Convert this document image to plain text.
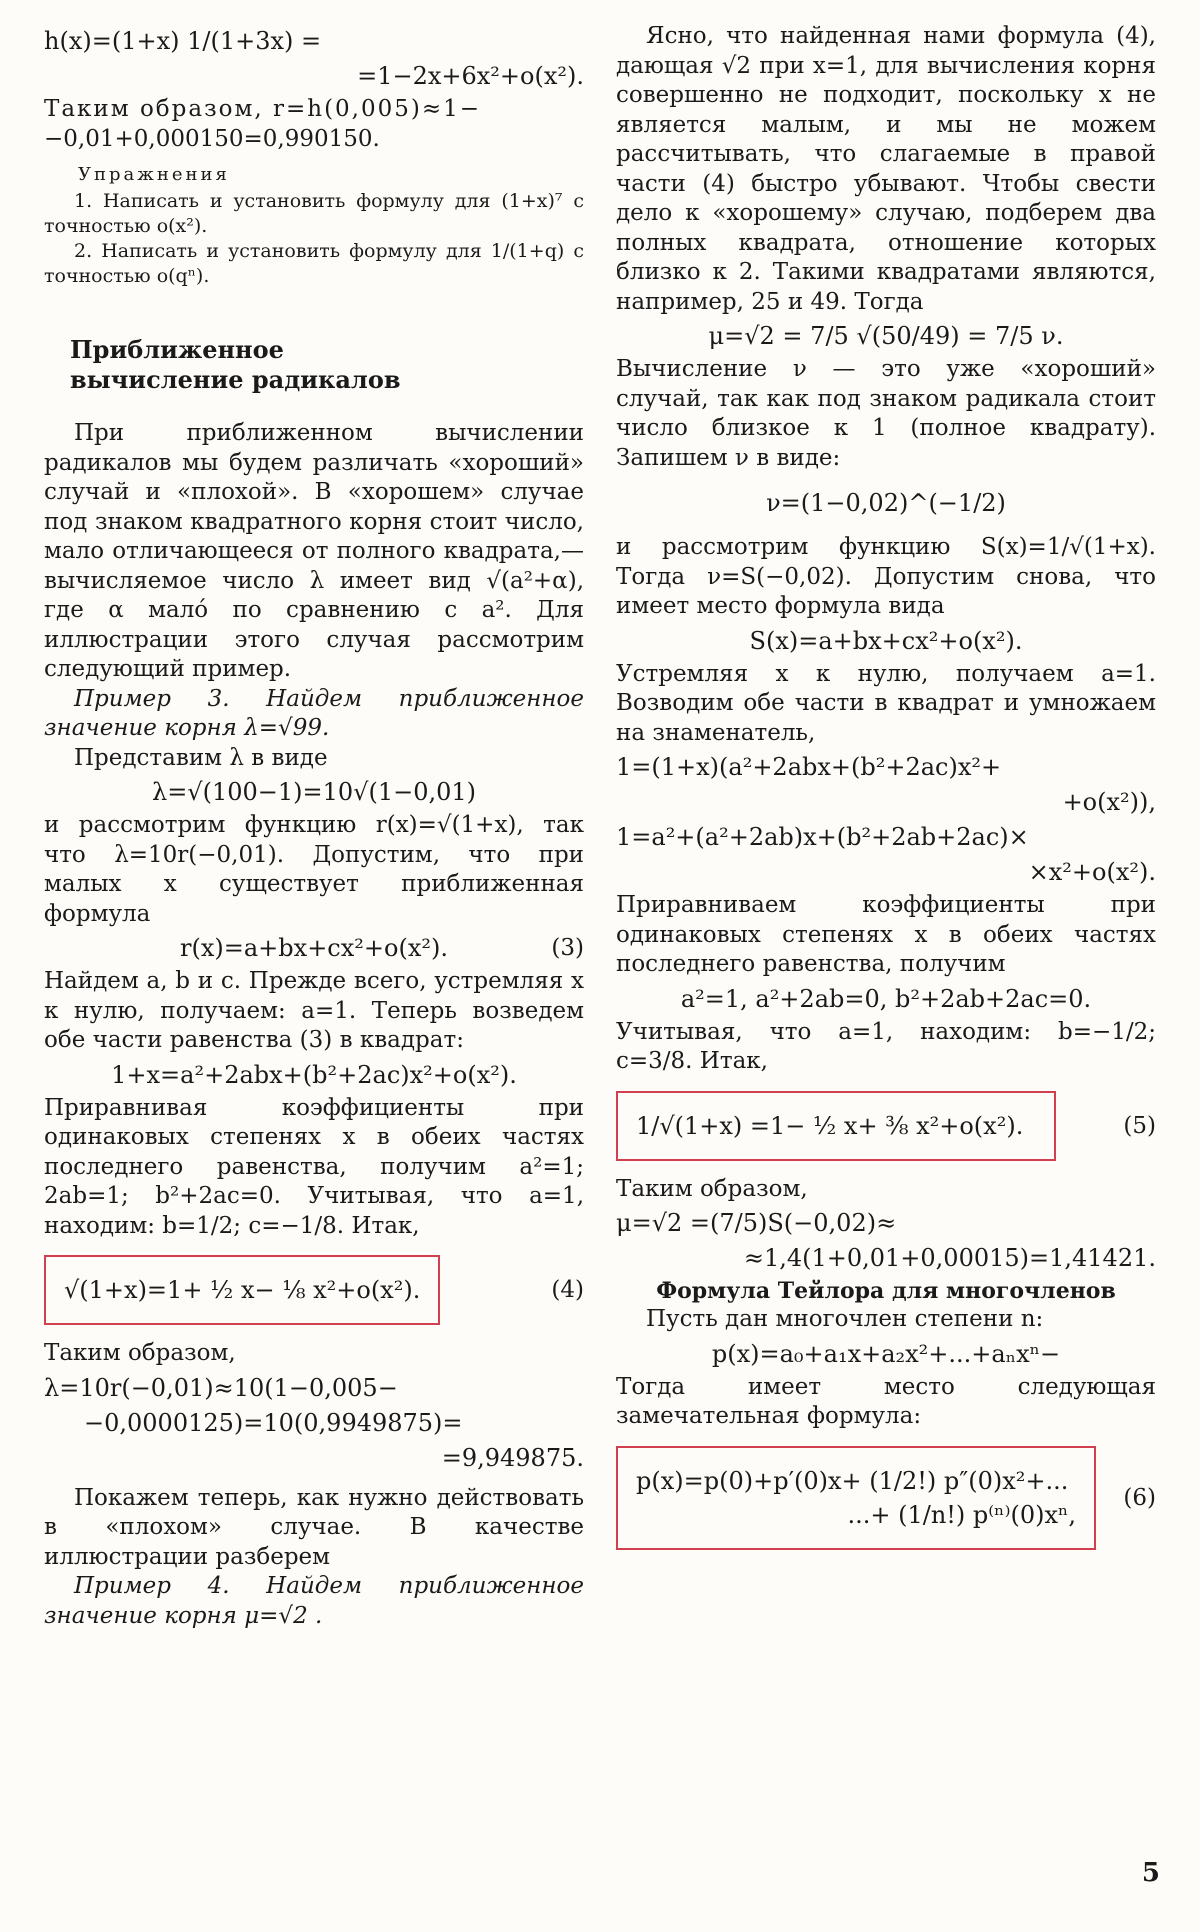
h(x)=(1+x) 1/(1+3x) =
=1−2x+6x²+o(x²).
Таким образом, r=h(0,005)≈1−
−0,01+0,000150=0,990150.
Упражнения

1. Написать и установить формулу для (1+x)⁷ с точностью o(x²).

2. Написать и установить формулу для 1/(1+q) с точностью o(qⁿ).

Приближенное
вычисление радикалов

При приближенном вычислении радикалов мы будем различать «хороший» случай и «плохой». В «хорошем» случае под знаком квадратного корня стоит число, мало отличающееся от полного квадрата,— вычисляемое число λ имеет вид √(a²+α), где α мало́ по сравнению с a². Для иллюстрации этого случая рассмотрим следующий пример.

Пример 3. Найдем приближенное значение корня λ=√99.

Представим λ в виде

λ=√(100−1)=10√(1−0,01)

и рассмотрим функцию r(x)=√(1+x), так что λ=10r(−0,01). Допустим, что при малых x существует приближенная формула

r(x)=a+bx+cx²+o(x²).	(3)

Найдем a, b и c. Прежде всего, устремляя x к нулю, получаем: a=1. Теперь возведем обе части равенства (3) в квадрат:

1+x=a²+2abx+(b²+2ac)x²+o(x²).

Приравнивая коэффициенты при одинаковых степенях x в обеих частях последнего равенства, получим a²=1; 2ab=1; b²+2ac=0. Учитывая, что a=1, находим: b=1/2; c=−1/8. Итак,

√(1+x)=1+ ½ x− ⅛ x²+o(x²).	(4)

Таким образом,

λ=10r(−0,01)≈10(1−0,005−
−0,0000125)=10(0,9949875)=
=9,949875.

Покажем теперь, как нужно действовать в «плохом» случае. В качестве иллюстрации разберем

Пример 4. Найдем приближенное значение корня μ=√2 .

Ясно, что найденная нами формула (4), дающая √2 при x=1, для вычисления корня совершенно не подходит, поскольку x не является малым, и мы не можем рассчитывать, что слагаемые в правой части (4) быстро убывают. Чтобы свести дело к «хорошему» случаю, подберем два полных квадрата, отношение которых близко к 2. Такими квадратами являются, например, 25 и 49. Тогда

μ=√2 = 7/5 √(50/49) = 7/5 ν.

Вычисление ν — это уже «хороший» случай, так как под знаком радикала стоит число близкое к 1 (полное квадрату). Запишем ν в виде:

ν=(1−0,02)^(−1/2)

и рассмотрим функцию S(x)=1/√(1+x). Тогда ν=S(−0,02). Допустим снова, что имеет место формула вида

S(x)=a+bx+cx²+o(x²).

Устремляя x к нулю, получаем a=1. Возводим обе части в квадрат и умножаем на знаменатель,

1=(1+x)(a²+2abx+(b²+2ac)x²+
+o(x²)),
1=a²+(a²+2ab)x+(b²+2ab+2ac)×
×x²+o(x²).

Приравниваем коэффициенты при одинаковых степенях x в обеих частях последнего равенства, получим

a²=1, a²+2ab=0, b²+2ab+2ac=0.

Учитывая, что a=1, находим: b=−1/2; c=3/8. Итак,

1/√(1+x) =1− ½ x+ ⅜ x²+o(x²).	(5)

Таким образом,

μ=√2 =(7/5)S(−0,02)≈
≈1,4(1+0,01+0,00015)=1,41421.
Формула Тейлора для многочленов

Пусть дан многочлен степени n:

p(x)=a₀+a₁x+a₂x²+...+aₙxⁿ−

Тогда имеет место следующая замечательная формула:

p(x)=p(0)+p′(0)x+ (1/2!) p″(0)x²+...
...+ (1/n!) p⁽ⁿ⁾(0)xⁿ,
(6)
5
